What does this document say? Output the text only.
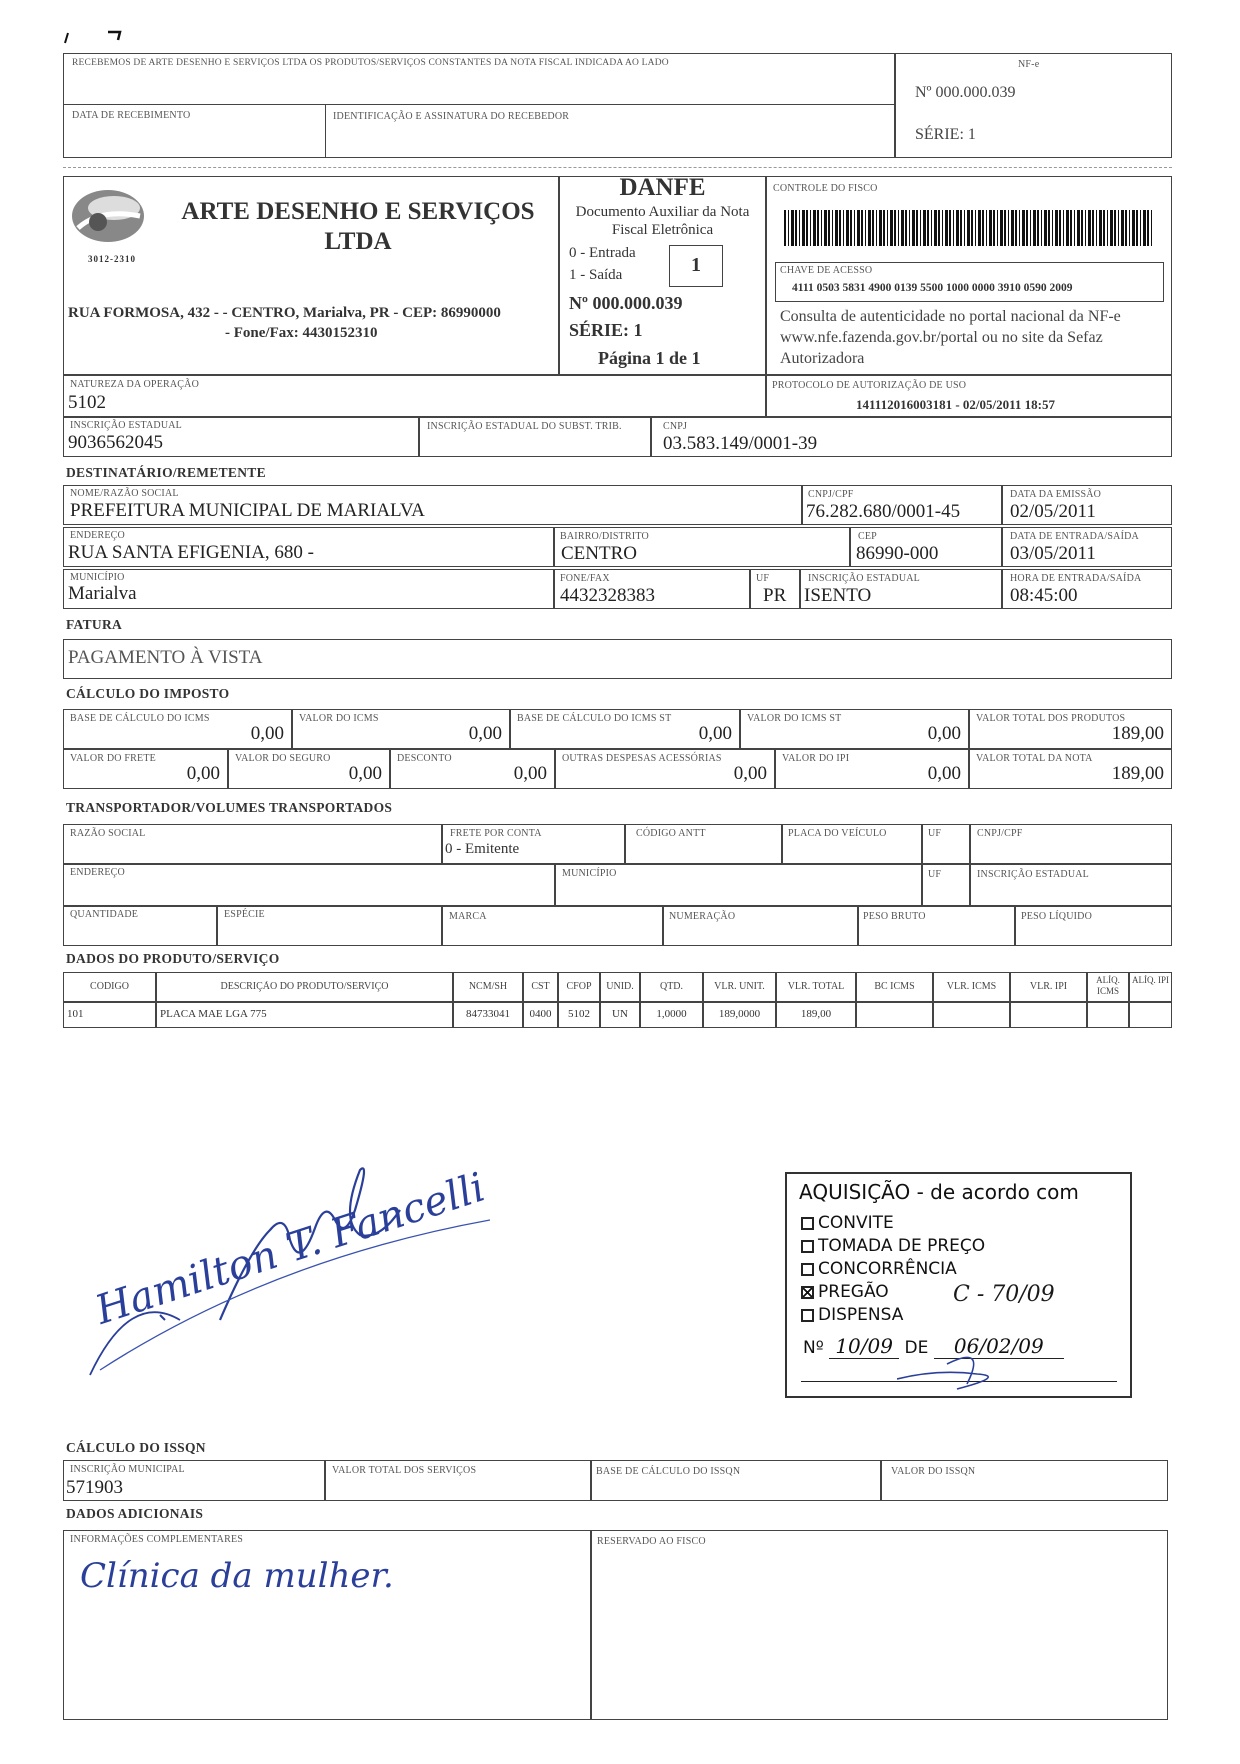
RECEBEMOS DE ARTE DESENHO E SERVIÇOS LTDA OS PRODUTOS/SERVIÇOS CONSTANTES DA NOTA FISCAL INDICADA AO LADO
DATA DE RECEBIMENTO	IDENTIFICAÇÃO E ASSINATURA DO RECEBEDOR
NF-e
Nº 000.000.039
SÉRIE: 1
3012-2310
ARTE DESENHO E SERVIÇOS
LTDA
RUA FORMOSA, 432 - - CENTRO, Marialva, PR - CEP: 86990000
- Fone/Fax: 4430152310
DANFE
Documento Auxiliar da Nota Fiscal Eletrônica
0 - Entrada
1 - Saída	1
Nº 000.000.039
SÉRIE: 1
Página 1 de 1
CONTROLE DO FISCO
CHAVE DE ACESSO
4111 0503 5831 4900 0139 5500 1000 0000 3910 0590 2009
Consulta de autenticidade no portal nacional da NF-e www.nfe.fazenda.gov.br/portal ou no site da Sefaz Autorizadora
NATUREZA DA OPERAÇÃO
5102
PROTOCOLO DE AUTORIZAÇÃO DE USO
141112016003181 - 02/05/2011 18:57
INSCRIÇÃO ESTADUAL
9036562045
INSCRIÇÃO ESTADUAL DO SUBST. TRIB.	CNPJ
03.583.149/0001-39
DESTINATÁRIO/REMETENTE
NOME/RAZÃO SOCIAL
PREFEITURA MUNICIPAL DE MARIALVA
CNPJ/CPF
76.282.680/0001-45
DATA DA EMISSÃO
02/05/2011
ENDEREÇO
RUA SANTA EFIGENIA, 680 -
BAIRRO/DISTRITO
CENTRO
CEP
86990-000
DATA DE ENTRADA/SAÍDA
03/05/2011
MUNICÍPIO
Marialva
FONE/FAX
4432328383
UF
PR
INSCRIÇÃO ESTADUAL
ISENTO
HORA DE ENTRADA/SAÍDA
08:45:00
FATURA
PAGAMENTO À VISTA
CÁLCULO DO IMPOSTO
BASE DE CÁLCULO DO ICMS
0,00
VALOR DO ICMS
0,00
BASE DE CÁLCULO DO ICMS ST
0,00
VALOR DO ICMS ST
0,00
VALOR TOTAL DOS PRODUTOS
189,00
VALOR DO FRETE
0,00
VALOR DO SEGURO
0,00
DESCONTO
0,00
OUTRAS DESPESAS ACESSÓRIAS
0,00
VALOR DO IPI
0,00
VALOR TOTAL DA NOTA
189,00
TRANSPORTADOR/VOLUMES TRANSPORTADOS
RAZÃO SOCIAL	FRETE POR CONTA
0 - Emitente
CÓDIGO ANTT	PLACA DO VEÍCULO	UF	CNPJ/CPF
ENDEREÇO	MUNICÍPIO	UF	INSCRIÇÃO ESTADUAL
QUANTIDADE	ESPÉCIE	MARCA	NUMERAÇÃO	PESO BRUTO	PESO LÍQUIDO
DADOS DO PRODUTO/SERVIÇO
CÓDIGO
101
DESCRIÇÃO DO PRODUTO/SERVIÇO
PLACA MAE LGA 775
NCM/SH
84733041
CST
0400
CFOP
5102
UNID.
UN
QTD.
1,0000
VLR. UNIT.
189,0000
VLR. TOTAL
189,00
BC ICMS	VLR. ICMS	VLR. IPI
ALÍQ. ICMS
ALÍQ. IPI
Hamilton T. Fancelli	AQUISIÇÃO - de acordo com
CONVITE
TOMADA DE PREÇO
CONCORRÊNCIA
PREGÃO
DISPENSA
C - 70/09
Nº 10/09 DE 06/02/09
CÁLCULO DO ISSQN
INSCRIÇÃO MUNICIPAL
571903
VALOR TOTAL DOS SERVIÇOS	BASE DE CÁLCULO DO ISSQN	VALOR DO ISSQN
DADOS ADICIONAIS
INFORMAÇÕES COMPLEMENTARES
Clínica da mulher.
RESERVADO AO FISCO
